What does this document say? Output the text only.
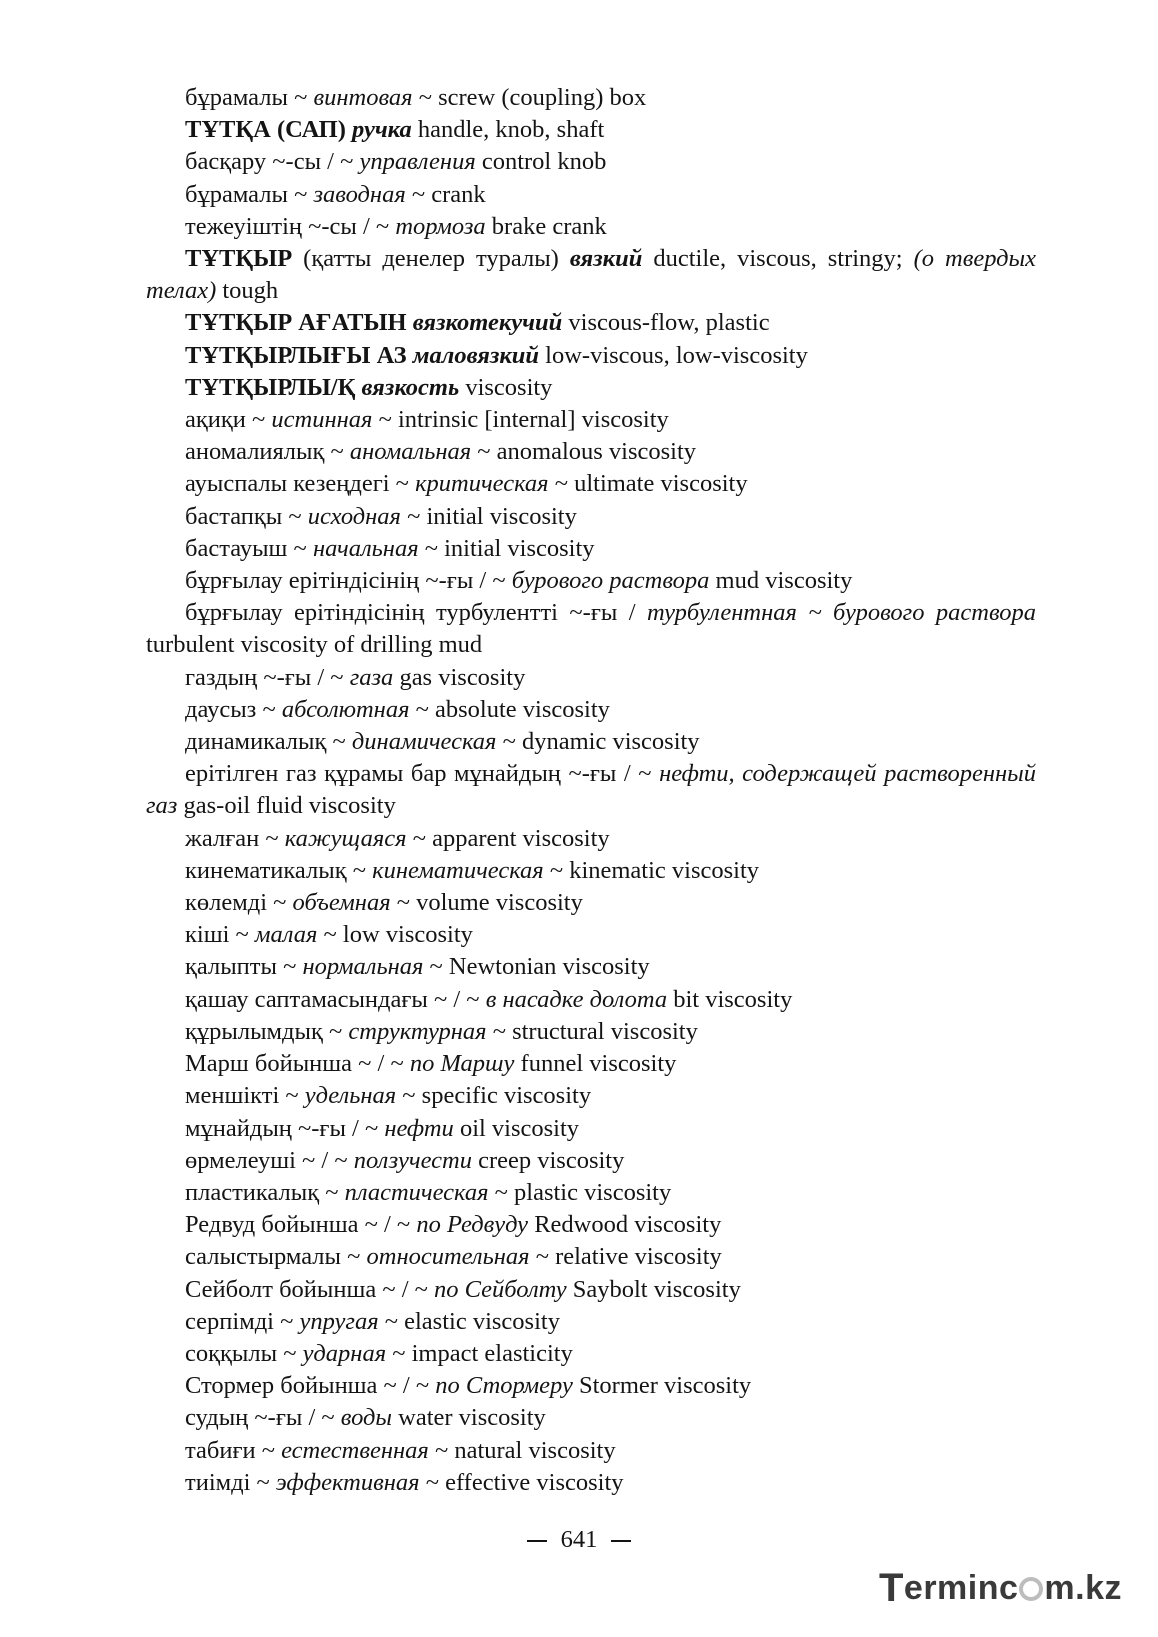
бұрамалы ~ винтовая ~ screw (coupling) box

ТҰТҚА (САП) ручка handle, knob, shaft

басқару ~-сы / ~ управления control knob

бұрамалы ~ заводная ~ crank

тежеуіштің ~-сы / ~ тормоза brake crank

ТҰТҚЫР (қатты денелер туралы) вязкий ductile, viscous, stringy; (о твердых телах) tough

ТҰТҚЫР АҒАТЫН вязкотекучий viscous-flow, plastic

ТҰТҚЫРЛЫҒЫ АЗ маловязкий low-viscous, low-viscosity

ТҰТҚЫРЛЫ/Қ вязкость viscosity

ақиқи ~ истинная ~ intrinsic [internal] viscosity

аномалиялық ~ аномальная ~ anomalous viscosity

ауыспалы кезеңдегі ~ критическая ~ ultimate viscosity

бастапқы ~ исходная ~ initial viscosity

бастауыш ~ начальная ~ initial viscosity

бұрғылау ерітіндісінің ~-ғы / ~ бурового раствора mud viscosity

бұрғылау ерітіндісінің турбулентті ~-ғы / турбулентная ~ бурового раствора turbulent viscosity of drilling mud

газдың ~-ғы / ~ газа gas viscosity

даусыз ~ абсолютная ~ absolute viscosity

динамикалық ~ динамическая ~ dynamic viscosity

ерітілген газ құрамы бар мұнайдың ~-ғы / ~ нефти, содержащей растворенный газ gas-oil fluid viscosity

жалған ~ кажущаяся ~ apparent viscosity

кинематикалық ~ кинематическая ~ kinematic viscosity

көлемді ~ объемная ~ volume viscosity

кіші ~ малая ~ low viscosity

қалыпты ~ нормальная ~ Newtonian viscosity

қашау саптамасындағы ~ / ~ в насадке долота bit viscosity

құрылымдық ~ структурная ~ structural viscosity

Марш бойынша ~ / ~ по Маршу funnel viscosity

меншікті ~ удельная ~ specific viscosity

мұнайдың ~-ғы / ~ нефти oil viscosity

өрмелеуші ~ / ~ ползучести creep viscosity

пластикалық ~ пластическая ~ plastic viscosity

Редвуд бойынша ~ / ~ по Редвуду Redwood viscosity

салыстырмалы ~ относительная ~ relative viscosity

Сейболт бойынша ~ / ~ по Сейболту Saybolt viscosity

серпімді ~ упругая ~ elastic viscosity

соққылы ~ ударная ~ impact elasticity

Стормер бойынша ~ / ~ по Стормеру Stormer viscosity

судың ~-ғы / ~ воды water viscosity

табиғи ~ естественная ~ natural viscosity

тиімді ~ эффективная ~ effective viscosity

641
T erminc m.kz
